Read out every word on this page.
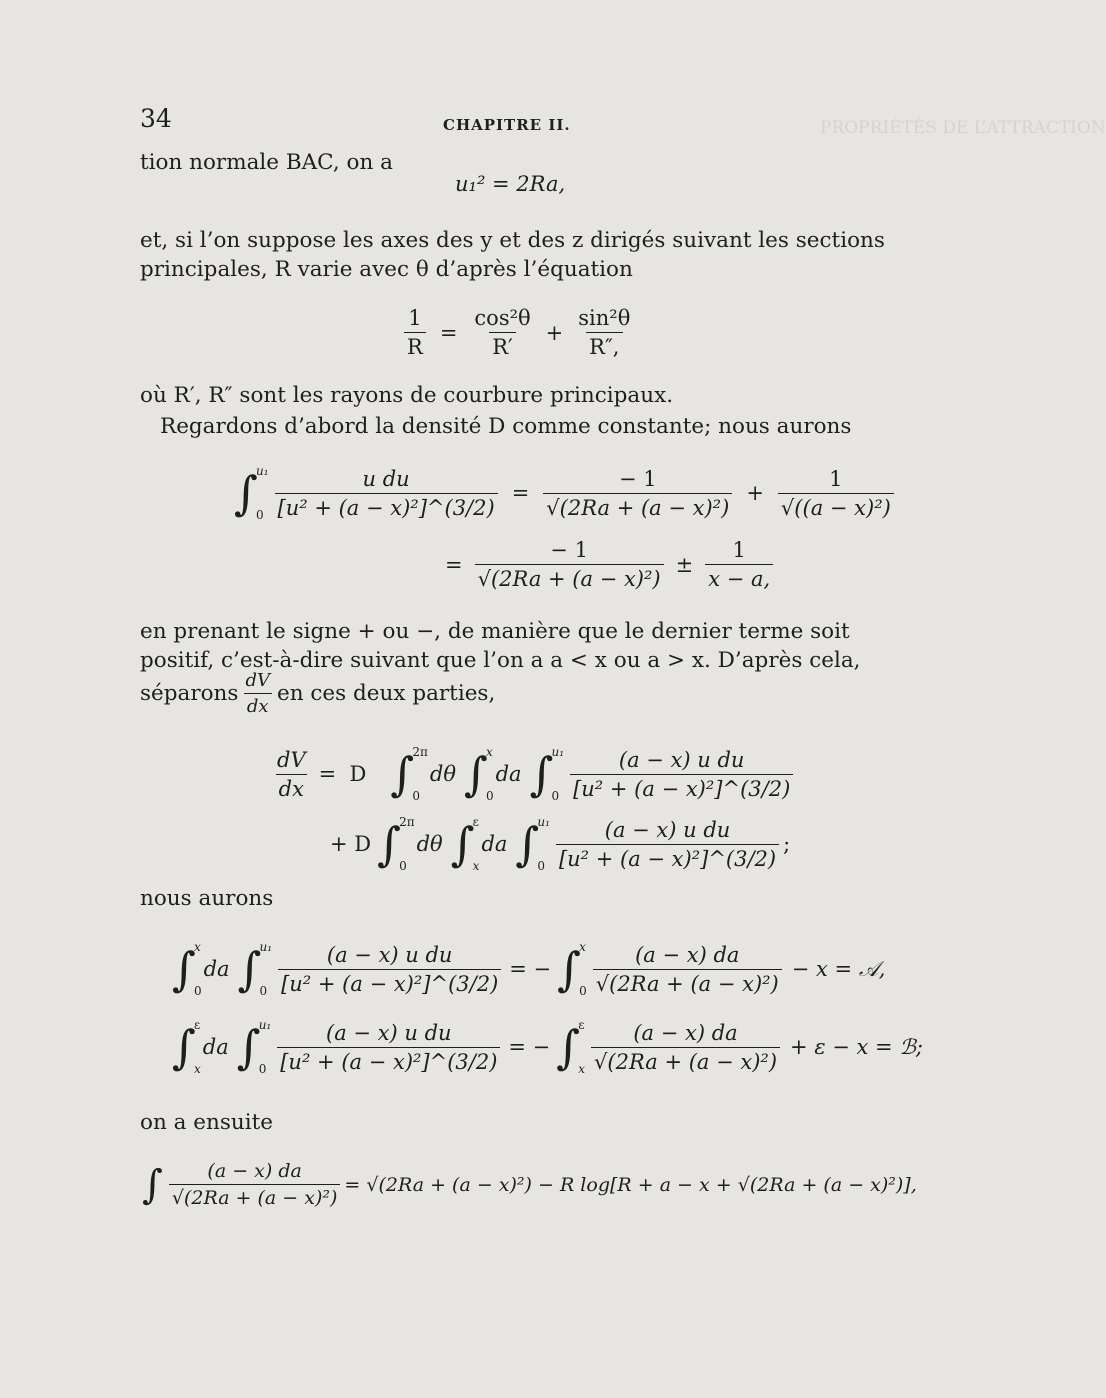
PROPRIÉTÉS DE L’ATTRACTION
34	CHAPITRE II.
tion normale BAC, on a
u₁² = 2Ra,
et, si l’on suppose les axes des y et des z dirigés suivant les sections
principales, R varie avec θ d’après l’équation
$\frac{1}{R} = \frac{\text{cos²θ}}{R'} + \frac{\text{sin²θ}}{R'',}$
où R′, R″ sont les rayons de courbure principaux.
Regardons d’abord la densité D comme constante; nous aurons
∫
u₁
$0 \frac{\text{u du}}{\text{[u² + (a − x)²]\textasciicircum{}(3/2)}} = \frac{- 1}{\text{√(2Ra + (a − x)²)}} + \frac{1}{\text{√((a − x)²)}}$
= $\frac{- 1}{\text{√(2Ra + (a − x)²)}} \pm \frac{1}{x - a,}$
en prenant le signe + ou −, de manière que le dernier terme soit
positif, c’est-à-dire suivant que l’on a a < x ou a > x. D’après cela,
séparons $\frac{dV}{dx}$ en ces deux parties,
$\frac{dV}{dx} = D$ ∫
2π
0
dθ ∫
x
0
da ∫
u₁
$0 \frac{\text{(a − x) u du}}{\text{[u² + (a − x)²]\textasciicircum{}(3/2)}}$
+ D ∫
2π
0
dθ ∫
ε
x
da ∫
u₁
$0 \frac{\text{(a − x) u du}}{\text{[u² + (a − x)²]\textasciicircum{}(3/2)}}$ ;
nous aurons
∫
x
0
da ∫
u₁
$0 \frac{\text{(a − x) u du}}{\text{[u² + (a − x)²]\textasciicircum{}(3/2)}}$ = − ∫
x
$0 \frac{(a - x) da}{\text{√(2Ra + (a − x)²)}} - x$ = 𝒜,
∫
ε
x
da ∫
u₁
$0 \frac{\text{(a − x) u du}}{\text{[u² + (a − x)²]\textasciicircum{}(3/2)}}$ = − ∫
ε
x $\frac{(a - x) da}{\text{√(2Ra + (a − x)²)}} + \varepsilon - x$ = ℬ;
on a ensuite
∫ $\frac{(a - x) da}{\text{√(2Ra + (a − x)²)}} = √(2Ra + (a - x)^2) - R$ log[R + a − x + √(2Ra + (a − x)²)],
